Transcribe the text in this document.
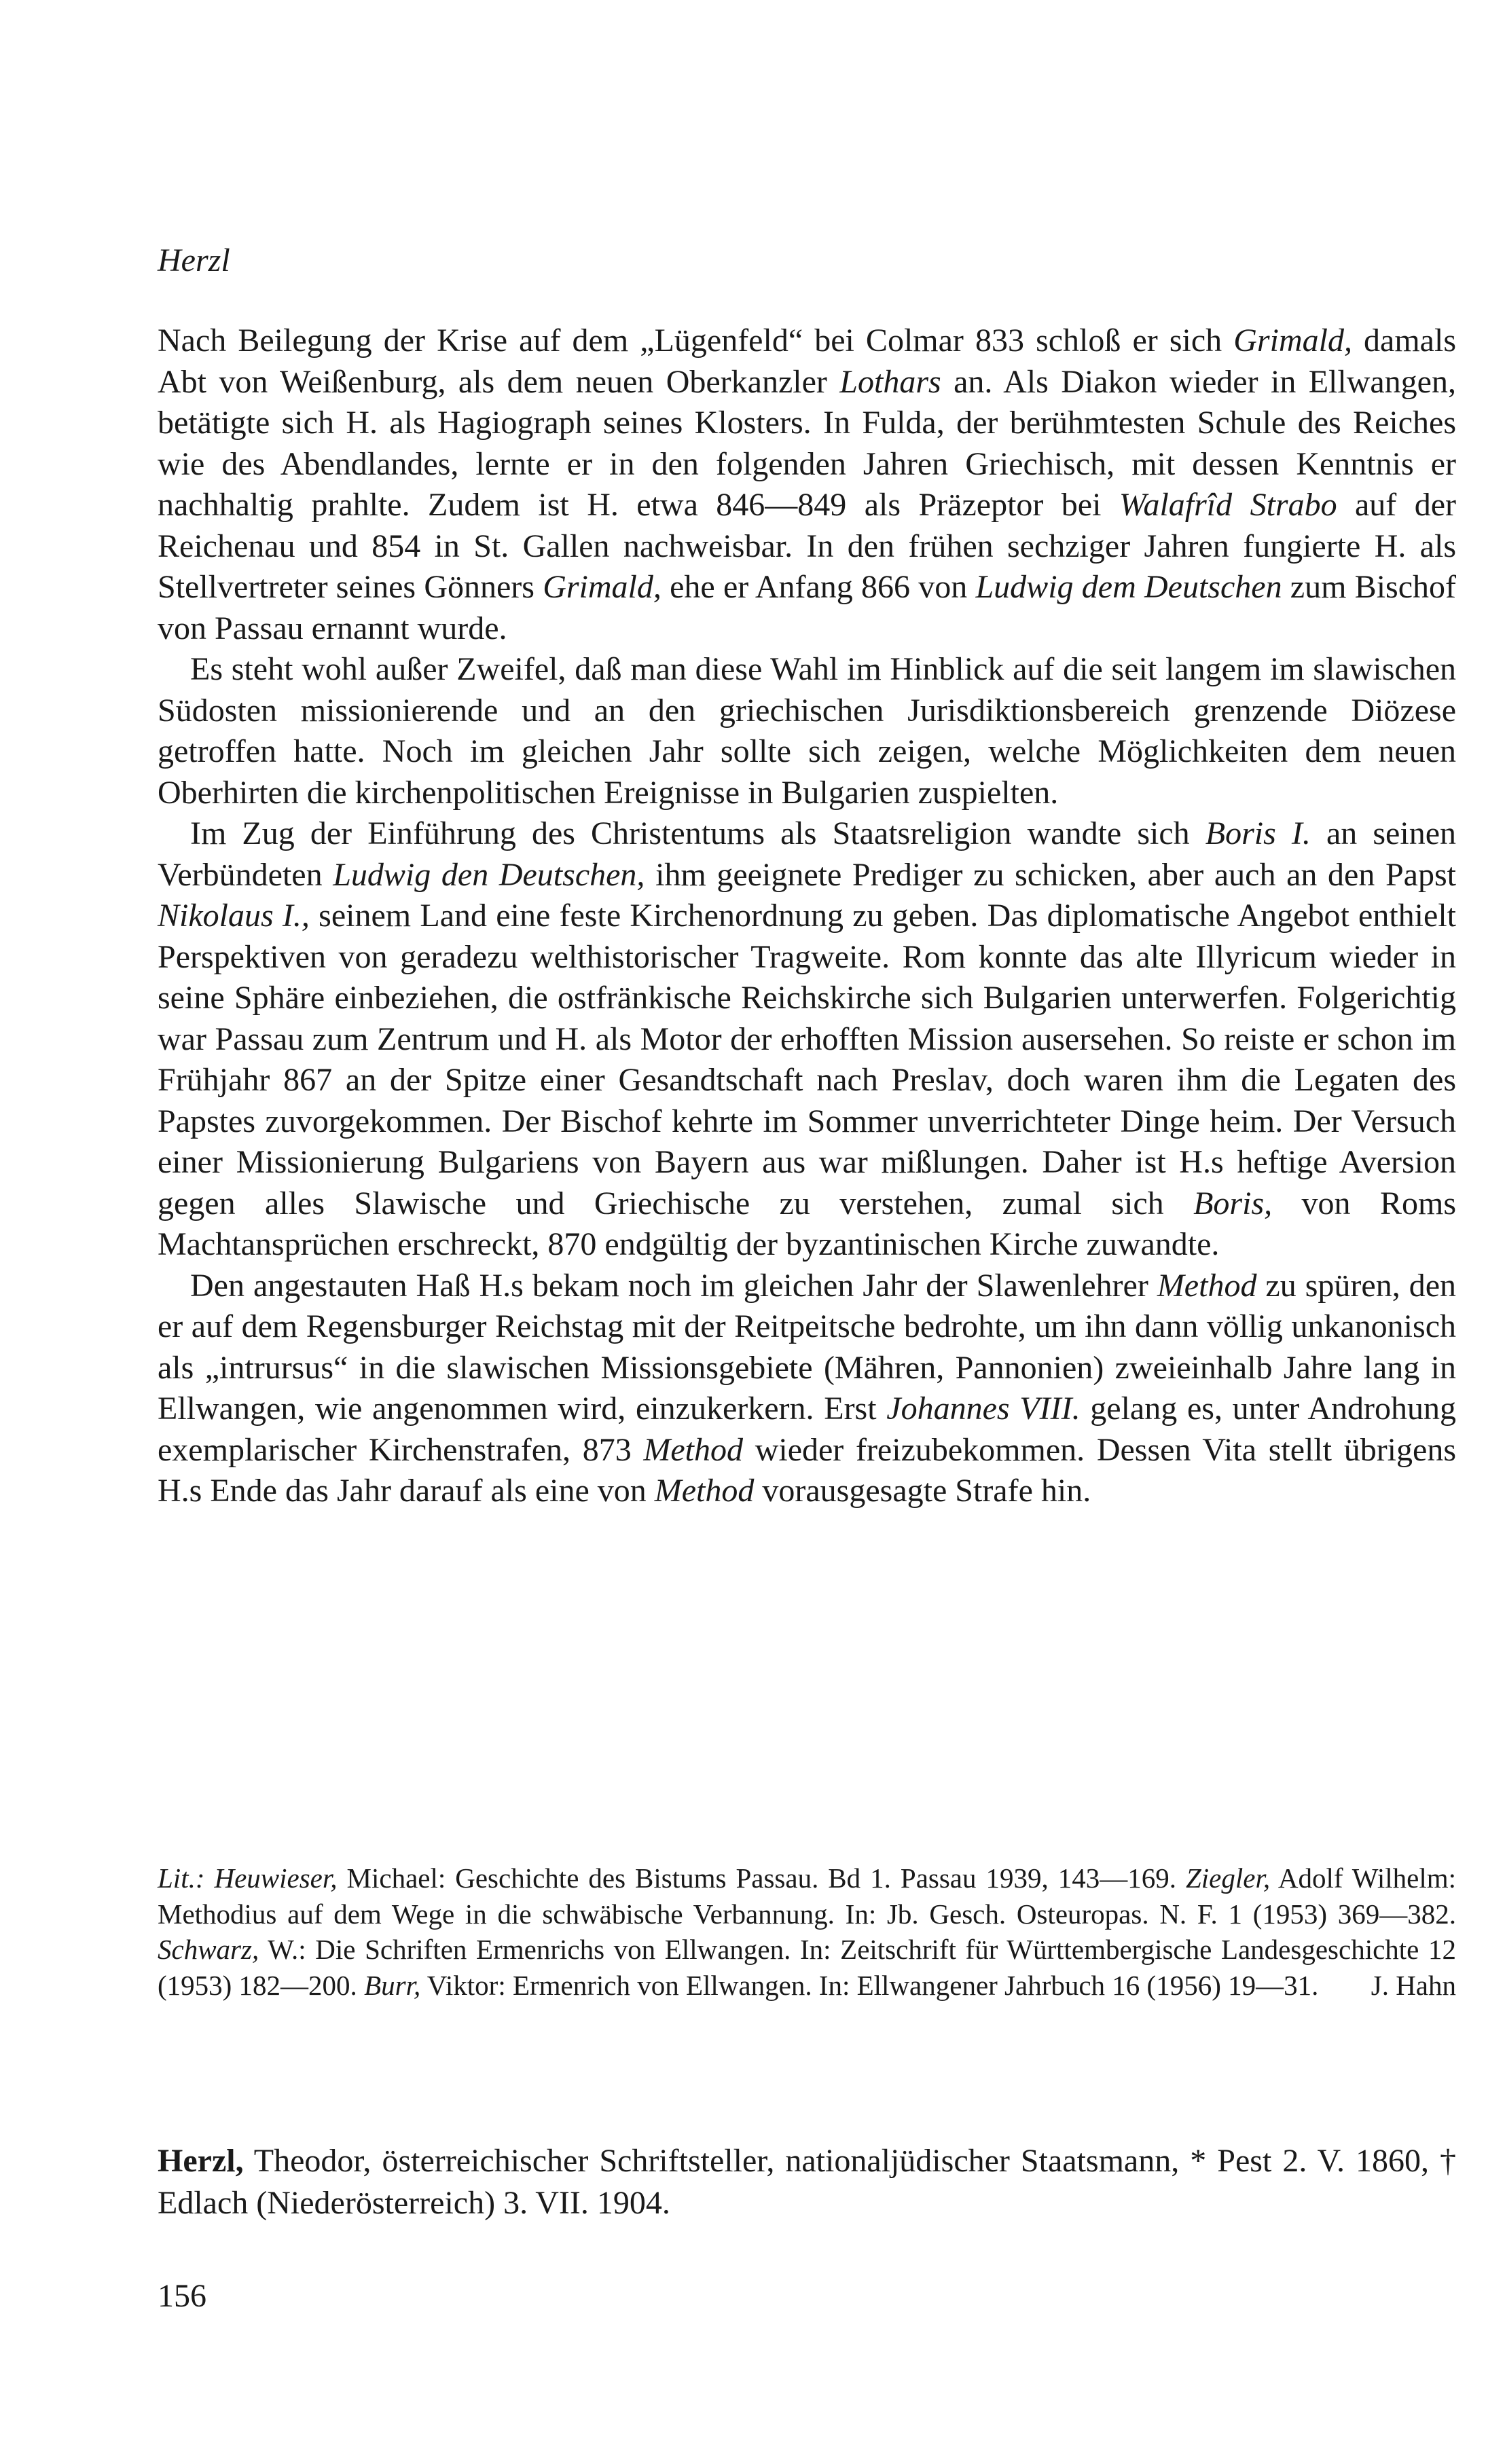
Herzl

Nach Beilegung der Krise auf dem „Lügenfeld“ bei Colmar 833 schloß er sich Grimald, damals Abt von Weißenburg, als dem neuen Oberkanzler Lothars an. Als Diakon wieder in Ellwangen, betätigte sich H. als Hagiograph seines Klosters. In Fulda, der berühmtesten Schule des Reiches wie des Abendlandes, lernte er in den folgenden Jahren Griechisch, mit dessen Kenntnis er nachhaltig prahlte. Zudem ist H. etwa 846—849 als Präzeptor bei Walafrîd Strabo auf der Reichenau und 854 in St. Gallen nachweisbar. In den frühen sechziger Jahren fungierte H. als Stellvertreter seines Gönners Grimald, ehe er Anfang 866 von Ludwig dem Deutschen zum Bischof von Passau ernannt wurde.

Es steht wohl außer Zweifel, daß man diese Wahl im Hinblick auf die seit langem im slawischen Südosten missionierende und an den griechischen Jurisdiktionsbereich grenzende Diözese getroffen hatte. Noch im gleichen Jahr sollte sich zeigen, welche Möglichkeiten dem neuen Oberhirten die kirchenpolitischen Ereignisse in Bulgarien zuspielten.

Im Zug der Einführung des Christentums als Staatsreligion wandte sich Boris I. an seinen Verbündeten Ludwig den Deutschen, ihm geeignete Prediger zu schicken, aber auch an den Papst Nikolaus I., seinem Land eine feste Kirchenordnung zu geben. Das diplomatische Angebot enthielt Perspektiven von geradezu welthistorischer Tragweite. Rom konnte das alte Illyricum wieder in seine Sphäre einbeziehen, die ostfränkische Reichskirche sich Bulgarien unterwerfen. Folgerichtig war Passau zum Zentrum und H. als Motor der erhofften Mission ausersehen. So reiste er schon im Frühjahr 867 an der Spitze einer Gesandtschaft nach Preslav, doch waren ihm die Legaten des Papstes zuvorgekommen. Der Bischof kehrte im Sommer unverrichteter Dinge heim. Der Versuch einer Missionierung Bulgariens von Bayern aus war mißlungen. Daher ist H.s heftige Aversion gegen alles Slawische und Griechische zu verstehen, zumal sich Boris, von Roms Machtansprüchen erschreckt, 870 endgültig der byzantinischen Kirche zuwandte.

Den angestauten Haß H.s bekam noch im gleichen Jahr der Slawenlehrer Method zu spüren, den er auf dem Regensburger Reichstag mit der Reitpeitsche bedrohte, um ihn dann völlig unkanonisch als „intrursus“ in die slawischen Missionsgebiete (Mähren, Pannonien) zweieinhalb Jahre lang in Ellwangen, wie angenommen wird, einzukerkern. Erst Johannes VIII. gelang es, unter Androhung exemplarischer Kirchenstrafen, 873 Method wieder freizubekommen. Dessen Vita stellt übrigens H.s Ende das Jahr darauf als eine von Method vorausgesagte Strafe hin.

Lit.: Heuwieser, Michael: Geschichte des Bistums Passau. Bd 1. Passau 1939, 143—169. Ziegler, Adolf Wilhelm: Methodius auf dem Wege in die schwäbische Verbannung. In: Jb. Gesch. Osteuropas. N. F. 1 (1953) 369—382. Schwarz, W.: Die Schriften Ermenrichs von Ellwangen. In: Zeitschrift für Württembergische Landesgeschichte 12 (1953) 182—200. Burr, Viktor: Ermenrich von Ellwangen. In: Ellwangener Jahrbuch 16 (1956) 19—31. J. Hahn
Herzl, Theodor, österreichischer Schriftsteller, nationaljüdischer Staatsmann, * Pest 2. V. 1860, † Edlach (Niederösterreich) 3. VII. 1904.
156
